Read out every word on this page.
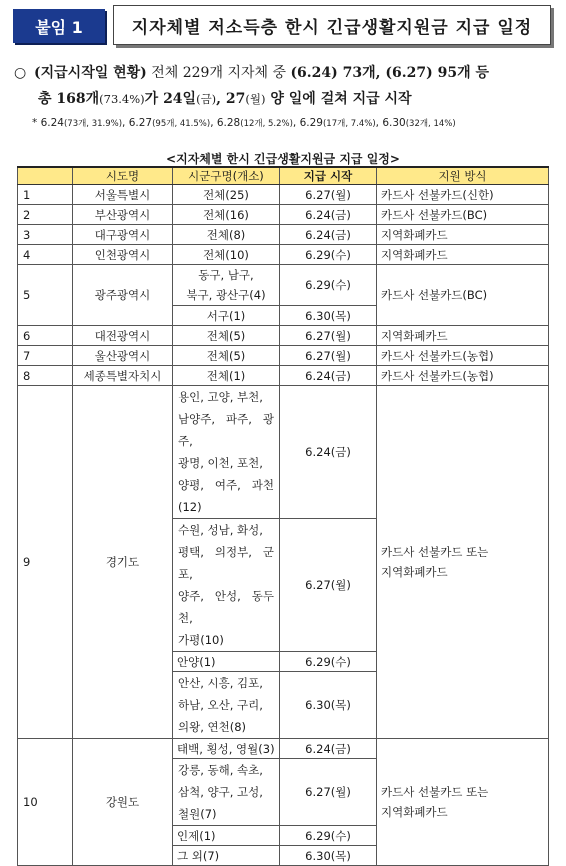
붙임 1	지자체별 저소득층 한시 긴급생활지원금 지급 일정
○ (지급시작일 현황) 전체 229개 지자체 중 (6.24) 73개, (6.27) 95개 등
총 168개(73.4%)가 24일(금), 27(월) 양 일에 걸쳐 지급 시작
* 6.24(73개, 31.9%), 6.27(95개, 41.5%), 6.28(12개, 5.2%), 6.29(17개, 7.4%), 6.30(32개, 14%)
<지자체별 한시 긴급생활지원금 지급 일정>
	시도명	시군구명(개소)	지급 시작	지원 방식
1	서울특별시	전체(25)	6.27(월)	카드사 선불카드(신한)
2	부산광역시	전체(16)	6.24(금)	카드사 선불카드(BC)
3	대구광역시	전체(8)	6.24(금)	지역화폐카드
4	인천광역시	전체(10)	6.29(수)	지역화폐카드
5	광주광역시	동구, 남구,
북구, 광산구(4)	6.29(수)	카드사 선불카드(BC)
		서구(1)	6.30(목)	
6	대전광역시	전체(5)	6.27(월)	지역화폐카드
7	울산광역시	전체(5)	6.27(월)	카드사 선불카드(농협)
8	세종특별자치시	전체(1)	6.24(금)	카드사 선불카드(농협)
9	경기도	용인, 고양, 부천,
남양주, 파주, 광주,
광명, 이천, 포천,
양평, 여주, 과천(12)	6.24(금)	카드사 선불카드 또는
지역화폐카드

		수원, 성남, 화성,
평택, 의정부, 군포,
양주, 안성, 동두천,
가평(10)	6.27(월)	
		안양(1)	6.29(수)	

		안산, 시흥, 김포,
하남, 오산, 구리,
의왕, 연천(8)	6.30(목)	
10	강원도	태백, 횡성, 영월(3)	6.24(금)	카드사 선불카드 또는
지역화폐카드

		강릉, 동해, 속초,
삼척, 양구, 고성,
철원(7)	6.27(월)	
		인제(1)	6.29(수)	
		그 외(7)	6.30(목)	
